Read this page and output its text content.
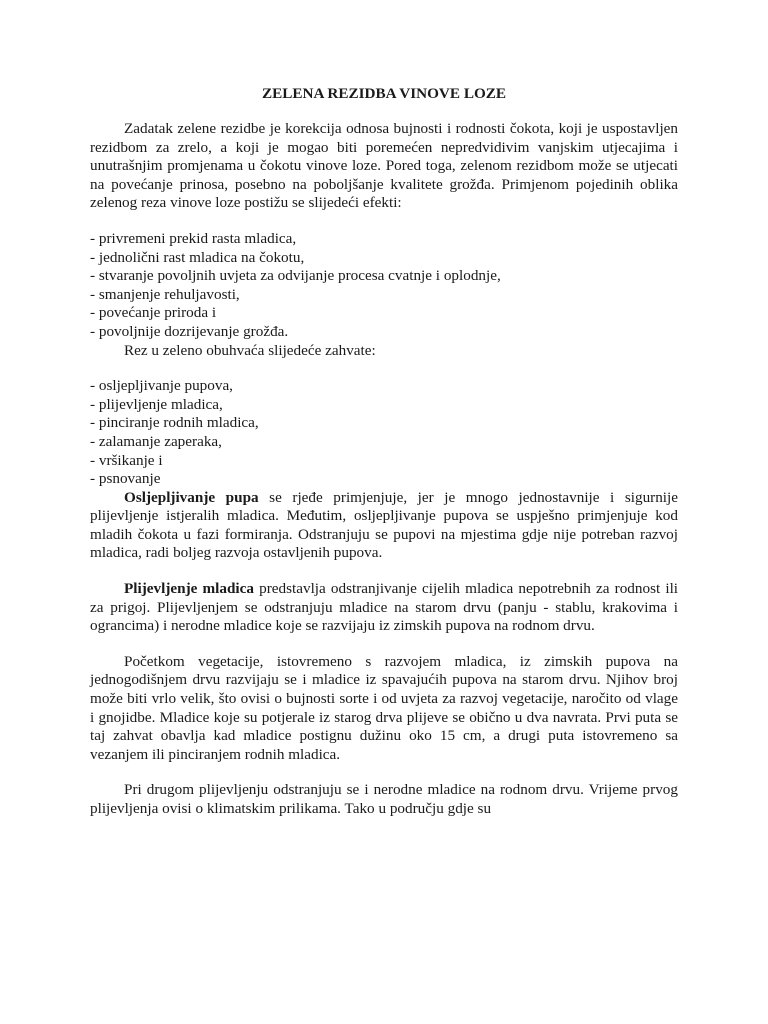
ZELENA REZIDBA VINOVE LOZE

Zadatak zelene rezidbe je korekcija odnosa bujnosti i rodnosti čokota, koji je uspostavljen rezidbom za zrelo, a koji je mogao biti poremećen nepredvidivim vanjskim utjecajima i unutrašnjim promjenama u čokotu vinove loze. Pored toga, zelenom rezidbom može se utjecati na povećanje prinosa, posebno na poboljšanje kvalitete grožđa. Primjenom pojedinih oblika zelenog reza vinove loze postižu se slijedeći efekti:

- privremeni prekid rasta mladica,
- jednolični rast mladica na čokotu,
- stvaranje povoljnih uvjeta za odvijanje procesa cvatnje i oplodnje,
- smanjenje rehuljavosti,
- povećanje priroda i
- povoljnije dozrijevanje grožđa.

Rez u zeleno obuhvaća slijedeće zahvate:

- osljepljivanje pupova,
- plijevljenje mladica,
- pinciranje rodnih mladica,
- zalamanje zaperaka,
- vršikanje i
- psnovanje

Osljepljivanje pupa se rjeđe primjenjuje, jer je mnogo jednostavnije i sigurnije plijevljenje istjeralih mladica. Međutim, osljepljivanje pupova se uspješno primjenjuje kod mladih čokota u fazi formiranja. Odstranjuju se pupovi na mjestima gdje nije potreban razvoj mladica, radi boljeg razvoja ostavljenih pupova.

Plijevljenje mladica predstavlja odstranjivanje cijelih mladica nepotrebnih za rodnost ili za prigoj. Plijevljenjem se odstranjuju mladice na starom drvu (panju - stablu, krakovima i ograncima) i nerodne mladice koje se razvijaju iz zimskih pupova na rodnom drvu.

Početkom vegetacije, istovremeno s razvojem mladica, iz zimskih pupova na jednogodišnjem drvu razvijaju se i mladice iz spavajućih pupova na starom drvu. Njihov broj može biti vrlo velik, što ovisi o bujnosti sorte i od uvjeta za razvoj vegetacije, naročito od vlage i gnojidbe. Mladice koje su potjerale iz starog drva plijeve se obično u dva navrata. Prvi puta se taj zahvat obavlja kad mladice postignu dužinu oko 15 cm, a drugi puta istovremeno sa vezanjem ili pinciranjem rodnih mladica.

Pri drugom plijevljenju odstranjuju se i nerodne mladice na rodnom drvu. Vrijeme prvog plijevljenja ovisi o klimatskim prilikama. Tako u području gdje su
